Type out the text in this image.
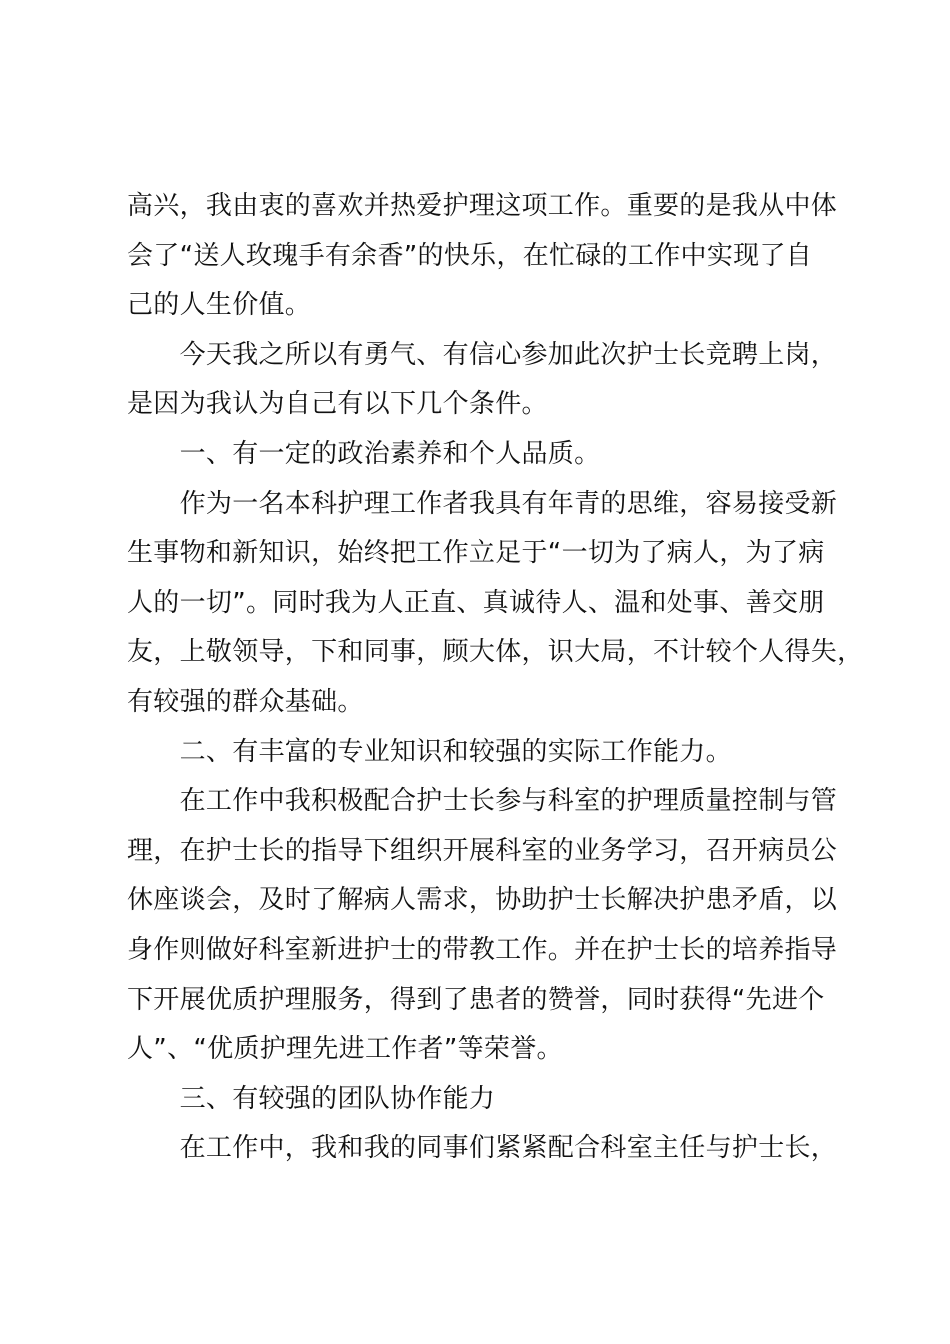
高兴，我由衷的喜欢并热爱护理这项工作。重要的是我从中体
会了“送人玫瑰手有余香”的快乐，在忙碌的工作中实现了自
己的人生价值。
　　今天我之所以有勇气、有信心参加此次护士长竞聘上岗，
是因为我认为自己有以下几个条件。
　　一、有一定的政治素养和个人品质。
　　作为一名本科护理工作者我具有年青的思维，容易接受新
生事物和新知识，始终把工作立足于“一切为了病人，为了病
人的一切”。同时我为人正直、真诚待人、温和处事、善交朋
友，上敬领导，下和同事，顾大体，识大局，不计较个人得失，
有较强的群众基础。
　　二、有丰富的专业知识和较强的实际工作能力。
　　在工作中我积极配合护士长参与科室的护理质量控制与管
理，在护士长的指导下组织开展科室的业务学习，召开病员公
休座谈会，及时了解病人需求，协助护士长解决护患矛盾，以
身作则做好科室新进护士的带教工作。并在护士长的培养指导
下开展优质护理服务，得到了患者的赞誉，同时获得“先进个
人”、“优质护理先进工作者”等荣誉。
　　三、有较强的团队协作能力
　　在工作中，我和我的同事们紧紧配合科室主任与护士长，
